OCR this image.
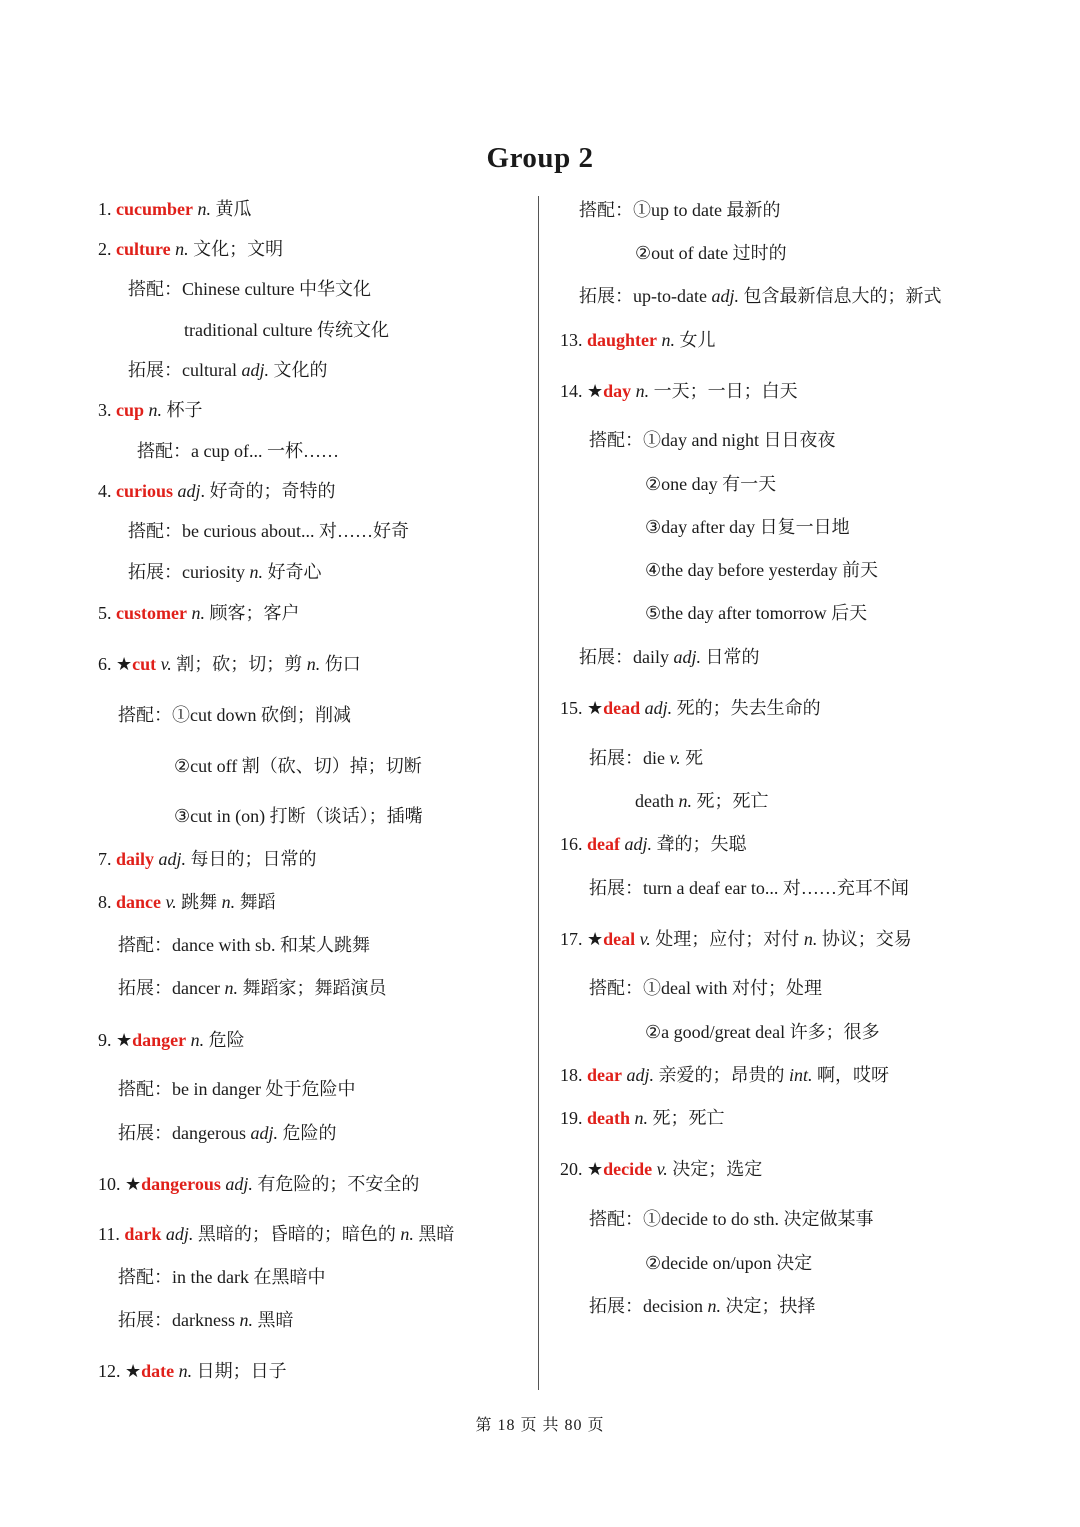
Group 2
1. cucumber n. 黄瓜
2. culture n. 文化；文明
搭配：Chinese culture 中华文化
traditional culture 传统文化
拓展：cultural adj. 文化的
3. cup n. 杯子
搭配：a cup of... 一杯……
4. curious adj. 好奇的；奇特的
搭配：be curious about... 对……好奇
拓展：curiosity n. 好奇心
5. customer n. 顾客；客户
6. ★cut v. 割；砍；切；剪 n. 伤口
搭配：①cut down 砍倒；削减
②cut off 割（砍、切）掉；切断
③cut in (on) 打断（谈话）；插嘴
7. daily adj. 每日的；日常的
8. dance v. 跳舞 n. 舞蹈
搭配：dance with sb. 和某人跳舞
拓展：dancer n. 舞蹈家；舞蹈演员
9. ★danger n. 危险
搭配：be in danger 处于危险中
拓展：dangerous adj. 危险的
10. ★dangerous adj. 有危险的；不安全的
11. dark adj. 黑暗的；昏暗的；暗色的 n. 黑暗
搭配：in the dark 在黑暗中
拓展：darkness n. 黑暗
12. ★date n. 日期；日子
搭配：①up to date 最新的
②out of date 过时的
拓展：up-to-date adj. 包含最新信息大的；新式
13. daughter n. 女儿
14. ★day n. 一天；一日；白天
搭配：①day and night 日日夜夜
②one day 有一天
③day after day 日复一日地
④the day before yesterday 前天
⑤the day after tomorrow 后天
拓展：daily adj. 日常的
15. ★dead adj. 死的；失去生命的
拓展：die v. 死
death n. 死；死亡
16. deaf adj. 聋的；失聪
拓展：turn a deaf ear to... 对……充耳不闻
17. ★deal v. 处理；应付；对付 n. 协议；交易
搭配：①deal with 对付；处理
②a good/great deal 许多；很多
18. dear adj. 亲爱的；昂贵的 int. 啊，哎呀
19. death n. 死；死亡
20. ★decide v. 决定；选定
搭配：①decide to do sth. 决定做某事
②decide on/upon 决定
拓展：decision n. 决定；抉择
第 18 页 共 80 页
